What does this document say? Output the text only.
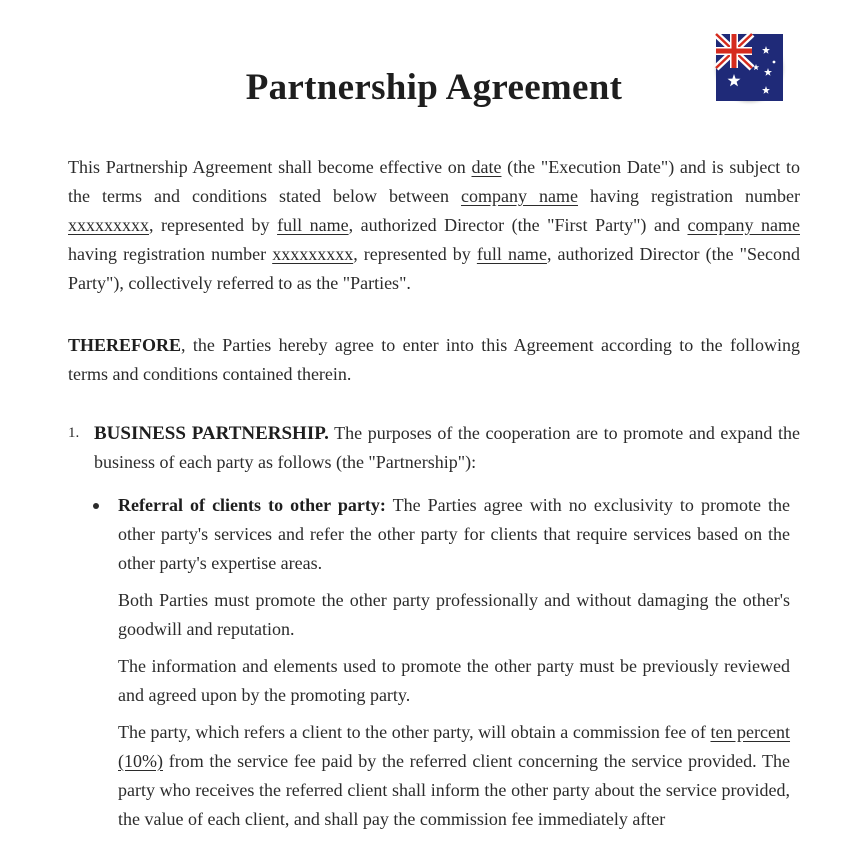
Partnership Agreement

This Partnership Agreement shall become effective on date (the "Execution Date") and is subject to the terms and conditions stated below between company name having registration number xxxxxxxxx, represented by full name, authorized Director (the "First Party") and company name having registration number xxxxxxxxx, represented by full name, authorized Director (the "Second Party"), collectively referred to as the "Parties".

THEREFORE, the Parties hereby agree to enter into this Agreement according to the following terms and conditions contained therein.

1. BUSINESS PARTNERSHIP. The purposes of the cooperation are to promote and expand the business of each party as follows (the "Partnership"):

Referral of clients to other party: The Parties agree with no exclusivity to promote the other party's services and refer the other party for clients that require services based on the other party's expertise areas.

Both Parties must promote the other party professionally and without damaging the other's goodwill and reputation.

The information and elements used to promote the other party must be previously reviewed and agreed upon by the promoting party.

The party, which refers a client to the other party, will obtain a commission fee of ten percent (10%) from the service fee paid by the referred client concerning the service provided. The party who receives the referred client shall inform the other party about the service provided, the value of each client, and shall pay the commission fee immediately after
